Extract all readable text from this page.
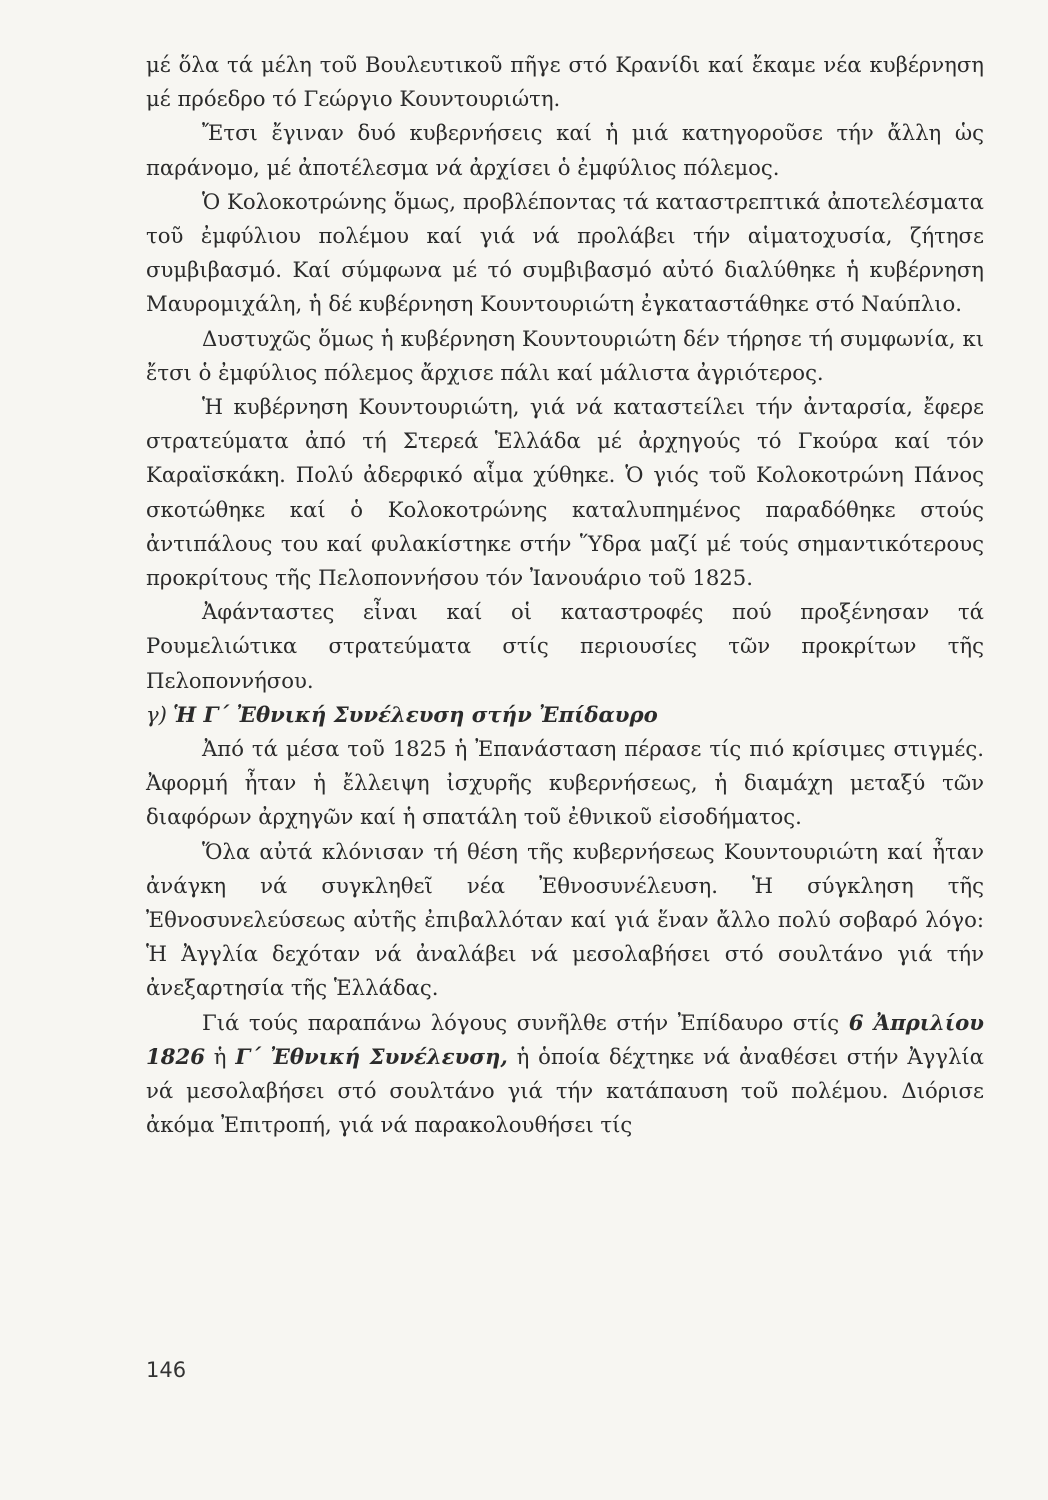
μέ ὅλα τά μέλη τοῦ Βουλευτικοῦ πῆγε στό Κρανίδι καί ἔκαμε νέα κυβέρνηση μέ πρόεδρο τό Γεώργιο Κουντουριώτη.

Ἔτσι ἔγιναν δυό κυβερνήσεις καί ἡ μιά κατηγοροῦσε τήν ἄλλη ὡς παράνομο, μέ ἀποτέλεσμα νά ἀρχίσει ὁ ἐμφύλιος πόλεμος.

Ὁ Κολοκοτρώνης ὅμως, προβλέποντας τά καταστρεπτικά ἀποτελέσματα τοῦ ἐμφύλιου πολέμου καί γιά νά προλάβει τήν αἱματοχυσία, ζήτησε συμβιβασμό. Καί σύμφωνα μέ τό συμβιβασμό αὐτό διαλύθηκε ἡ κυβέρνηση Μαυρομιχάλη, ἡ δέ κυβέρνηση Κουντουριώτη ἐγκαταστάθηκε στό Ναύπλιο.

Δυστυχῶς ὅμως ἡ κυβέρνηση Κουντουριώτη δέν τήρησε τή συμφωνία, κι ἔτσι ὁ ἐμφύλιος πόλεμος ἄρχισε πάλι καί μάλιστα ἀγριότερος.

Ἡ κυβέρνηση Κουντουριώτη, γιά νά καταστείλει τήν ἀνταρσία, ἔφερε στρατεύματα ἀπό τή Στερεά Ἑλλάδα μέ ἀρχηγούς τό Γκούρα καί τόν Καραϊσκάκη. Πολύ ἀδερφικό αἷμα χύθηκε. Ὁ γιός τοῦ Κολοκοτρώνη Πάνος σκοτώθηκε καί ὁ Κολοκοτρώνης καταλυπημένος παραδόθηκε στούς ἀντιπάλους του καί φυλακίστηκε στήν Ὕδρα μαζί μέ τούς σημαντικότερους προκρίτους τῆς Πελοποννήσου τόν Ἰανουάριο τοῦ 1825.

Ἀφάνταστες εἶναι καί οἱ καταστροφές πού προξένησαν τά Ρουμελιώτικα στρατεύματα στίς περιουσίες τῶν προκρίτων τῆς Πελοποννήσου.

γ) Ἡ Γ΄ Ἐθνική Συνέλευση στήν Ἐπίδαυρο

Ἀπό τά μέσα τοῦ 1825 ἡ Ἐπανάσταση πέρασε τίς πιό κρίσιμες στιγμές. Ἀφορμή ἦταν ἡ ἔλλειψη ἰσχυρῆς κυβερνήσεως, ἡ διαμάχη μεταξύ τῶν διαφόρων ἀρχηγῶν καί ἡ σπατάλη τοῦ ἐθνικοῦ εἰσοδήματος.

Ὅλα αὐτά κλόνισαν τή θέση τῆς κυβερνήσεως Κουντουριώτη καί ἦταν ἀνάγκη νά συγκληθεῖ νέα Ἐθνοσυνέλευση. Ἡ σύγκληση τῆς Ἐθνοσυνελεύσεως αὐτῆς ἐπιβαλλόταν καί γιά ἕναν ἄλλο πολύ σοβαρό λόγο: Ἡ Ἀγγλία δεχόταν νά ἀναλάβει νά μεσολαβήσει στό σουλτάνο γιά τήν ἀνεξαρτησία τῆς Ἑλλάδας.

Γιά τούς παραπάνω λόγους συνῆλθε στήν Ἐπίδαυρο στίς 6 Ἀπριλίου 1826 ἡ Γ΄ Ἐθνική Συνέλευση, ἡ ὁποία δέχτηκε νά ἀναθέσει στήν Ἀγγλία νά μεσολαβήσει στό σουλτάνο γιά τήν κατάπαυση τοῦ πολέμου. Διόρισε ἀκόμα Ἐπιτροπή, γιά νά παρακολουθήσει τίς

146
